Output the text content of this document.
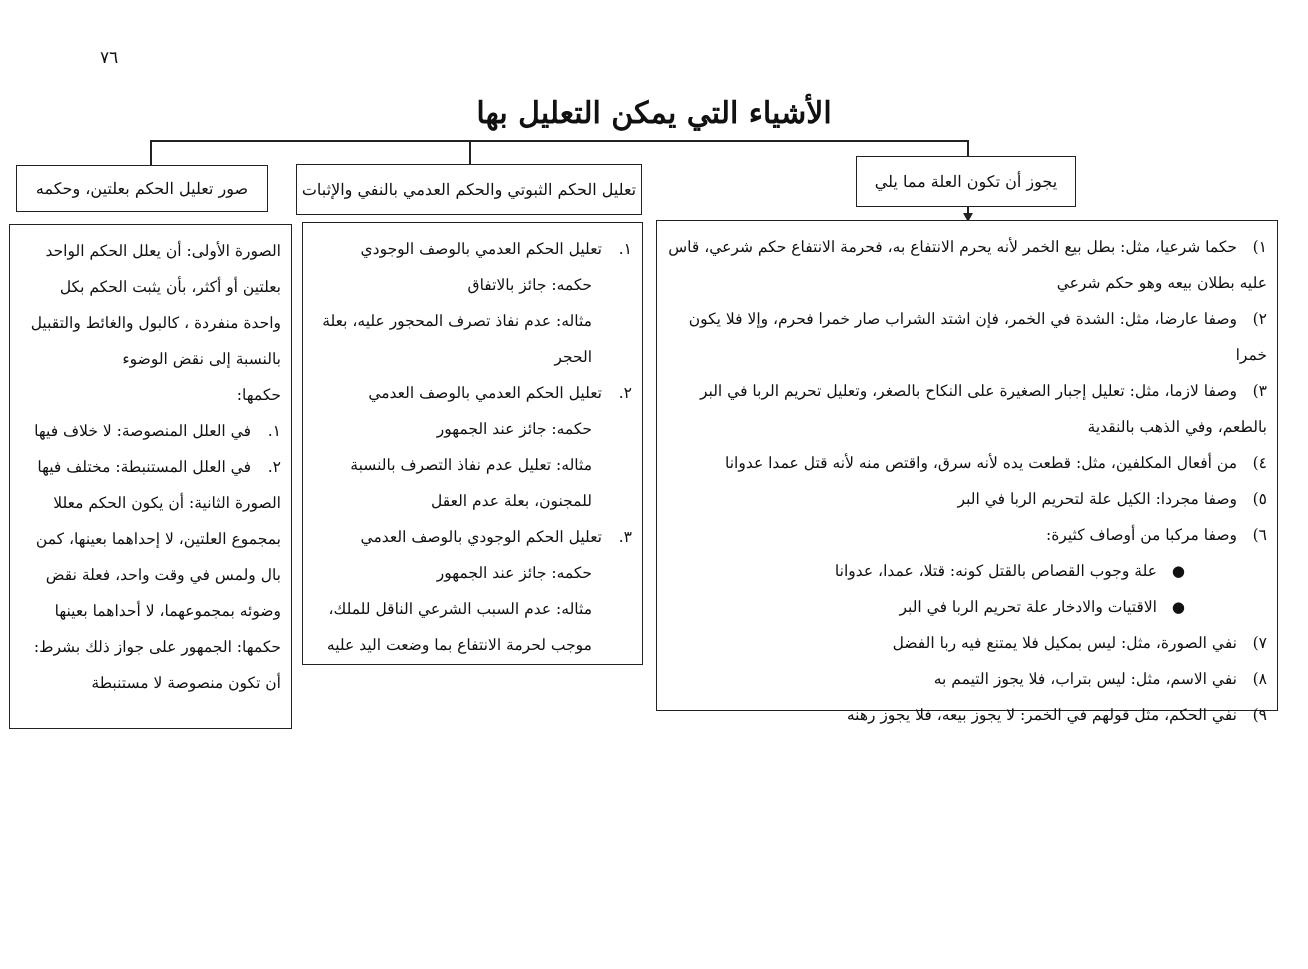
٧٦
الأشياء التي يمكن التعليل بها
يجوز أن تكون العلة مما يلي
تعليل الحكم الثبوتي والحكم العدمي بالنفي والإثبات
صور تعليل الحكم بعلتين، وحكمه

١)حكما شرعيا، مثل: بطل بيع الخمر لأنه يحرم الانتفاع به، فحرمة الانتفاع حكم شرعي، قاس عليه بطلان بيعه وهو حكم شرعي

٢)وصفا عارضا، مثل: الشدة في الخمر، فإن اشتد الشراب صار خمرا فحرم، وإلا فلا يكون خمرا

٣)وصفا لازما، مثل: تعليل إجبار الصغيرة على النكاح بالصغر، وتعليل تحريم الربا في البر بالطعم، وفي الذهب بالنقدية

٤)من أفعال المكلفين، مثل: قطعت يده لأنه سرق، واقتص منه لأنه قتل عمدا عدوانا

٥)وصفا مجردا: الكيل علة لتحريم الربا في البر

٦)وصفا مركبا من أوصاف كثيرة:

●
علة وجوب القصاص بالقتل كونه: قتلا، عمدا، عدوانا

●
الاقتيات والادخار علة تحريم الربا في البر

٧)نفي الصورة، مثل: ليس بمكيل فلا يمتنع فيه ربا الفضل

٨)نفي الاسم، مثل: ليس بتراب، فلا يجوز التيمم به

٩)نفي الحكم، مثل قولهم في الخمر: لا يجوز بيعه، فلا يجوز رهنه

١.تعليل الحكم العدمي بالوصف الوجودي

حكمه: جائز بالاتفاق

مثاله: عدم نفاذ تصرف المحجور عليه، بعلة الحجر

٢.تعليل الحكم العدمي بالوصف العدمي

حكمه: جائز عند الجمهور

مثاله: تعليل عدم نفاذ التصرف بالنسبة للمجنون، بعلة عدم العقل

٣.تعليل الحكم الوجودي بالوصف العدمي

حكمه: جائز عند الجمهور

مثاله: عدم السبب الشرعي الناقل للملك، موجب لحرمة الانتفاع بما وضعت اليد عليه

الصورة الأولى: أن يعلل الحكم الواحد بعلتين أو أكثر، بأن يثبت الحكم بكل واحدة منفردة ، كالبول والغائط والتقبيل بالنسبة إلى نقض الوضوء

حكمها:

١.في العلل المنصوصة: لا خلاف فيها

٢.في العلل المستنبطة: مختلف فيها

الصورة الثانية: أن يكون الحكم معللا بمجموع العلتين، لا إحداهما بعينها، كمن بال ولمس في وقت واحد، فعلة نقض وضوئه بمجموعهما، لا أحداهما بعينها

حكمها: الجمهور على جواز ذلك بشرط: أن تكون منصوصة لا مستنبطة
